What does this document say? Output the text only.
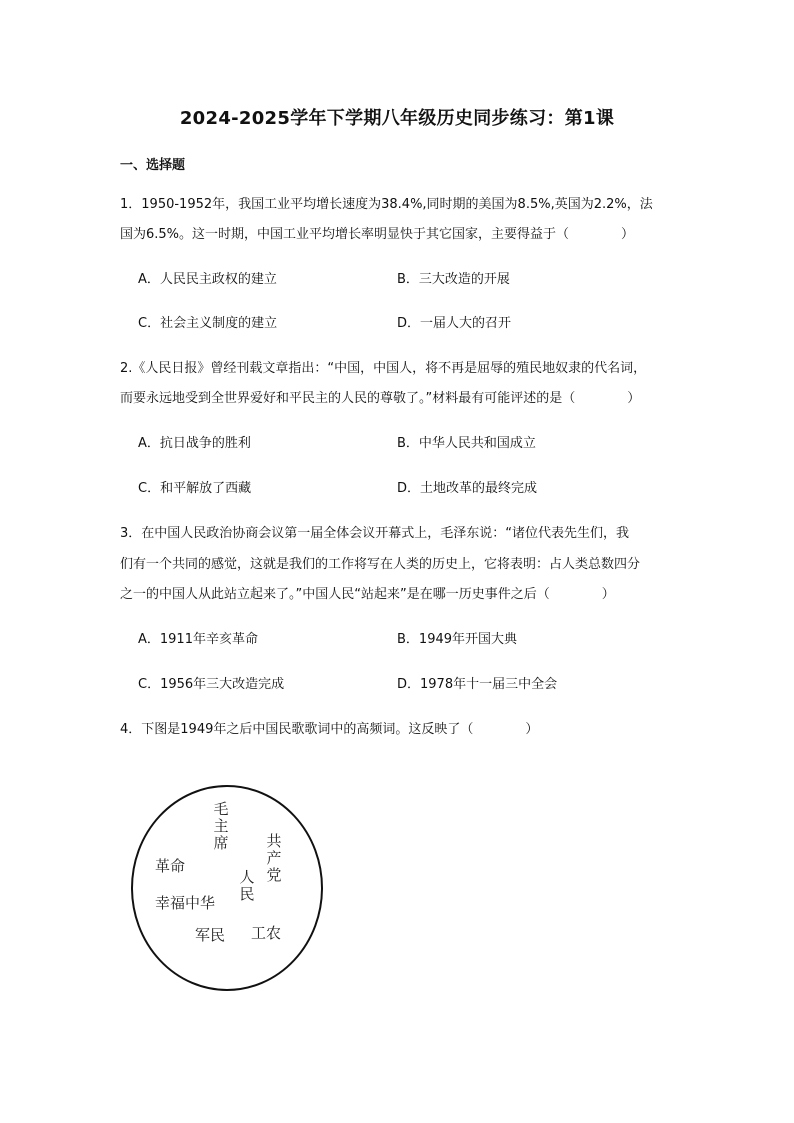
2024-2025学年下学期八年级历史同步练习：第1课
一、选择题
1．1950-1952年，我国工业平均增长速度为38.4%,同时期的美国为8.5%,英国为2.2%，法
国为6.5%。这一时期，中国工业平均增长率明显快于其它国家，主要得益于（	）
A．人民民主政权的建立	B．三大改造的开展
C．社会主义制度的建立	D．一届人大的召开
2.《人民日报》曾经刊载文章指出：“中国，中国人，将不再是屈辱的殖民地奴隶的代名词，
而要永远地受到全世界爱好和平民主的人民的尊敬了。”材料最有可能评述的是（	）
A．抗日战争的胜利	B．中华人民共和国成立
C．和平解放了西藏	D．土地改革的最终完成
3．在中国人民政治协商会议第一届全体会议开幕式上，毛泽东说：“诸位代表先生们，我
们有一个共同的感觉，这就是我们的工作将写在人类的历史上，它将表明：占人类总数四分
之一的中国人从此站立起来了。”中国人民“站起来”是在哪一历史事件之后（	）
A．1911年辛亥革命	B．1949年开国大典
C．1956年三大改造完成	D．1978年十一届三中全会
4．下图是1949年之后中国民歌歌词中的高频词。这反映了（	）
毛主席	共产党
革命
人民
幸福中华
军民 工农
